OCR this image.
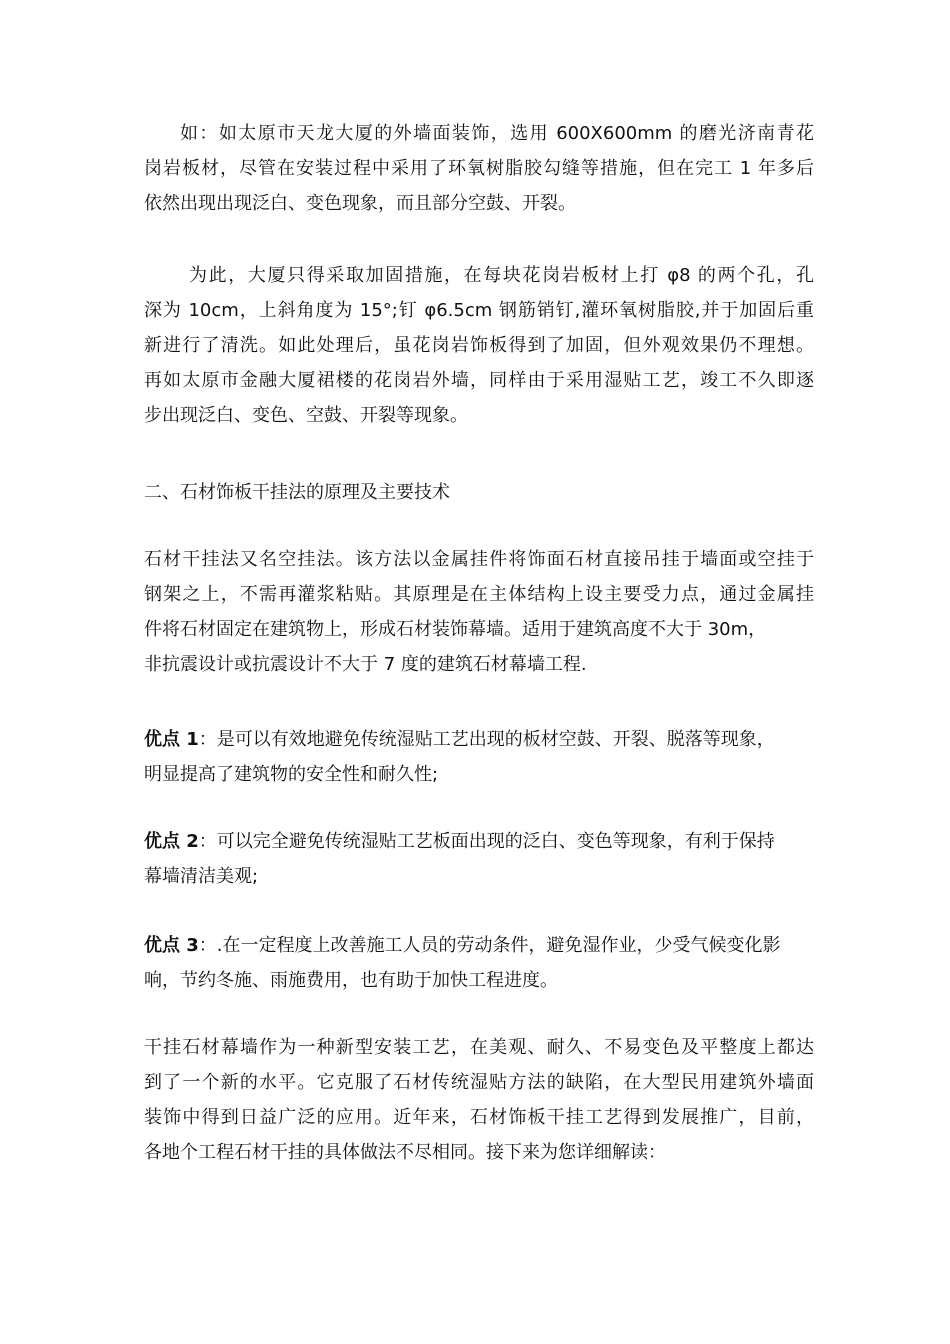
如：如太原市天龙大厦的外墙面装饰，选用 600X600mm 的磨光济南青花
岗岩板材，尽管在安装过程中采用了环氧树脂胶勾缝等措施，但在完工 1 年多后
依然出现出现泛白、变色现象，而且部分空鼓、开裂。
为此，大厦只得采取加固措施，在每块花岗岩板材上打 φ8 的两个孔，孔
深为 10cm，上斜角度为 15°;钉 φ6.5cm 钢筋销钉,灌环氧树脂胶,并于加固后重
新进行了清洗。如此处理后，虽花岗岩饰板得到了加固，但外观效果仍不理想。
再如太原市金融大厦裙楼的花岗岩外墙，同样由于采用湿贴工艺，竣工不久即逐
步出现泛白、变色、空鼓、开裂等现象。
二、石材饰板干挂法的原理及主要技术
石材干挂法又名空挂法。该方法以金属挂件将饰面石材直接吊挂于墙面或空挂于
钢架之上，不需再灌浆粘贴。其原理是在主体结构上设主要受力点，通过金属挂
件将石材固定在建筑物上，形成石材装饰幕墙。适用于建筑高度不大于 30m，
非抗震设计或抗震设计不大于 7 度的建筑石材幕墙工程.
优点 1：是可以有效地避免传统湿贴工艺出现的板材空鼓、开裂、脱落等现象，
明显提高了建筑物的安全性和耐久性;
优点 2：可以完全避免传统湿贴工艺板面出现的泛白、变色等现象，有利于保持
幕墙清洁美观;
优点 3：.在一定程度上改善施工人员的劳动条件，避免湿作业，少受气候变化影
响，节约冬施、雨施费用，也有助于加快工程进度。
干挂石材幕墙作为一种新型安装工艺，在美观、耐久、不易变色及平整度上都达
到了一个新的水平。它克服了石材传统湿贴方法的缺陷，在大型民用建筑外墙面
装饰中得到日益广泛的应用。近年来，石材饰板干挂工艺得到发展推广，目前，
各地个工程石材干挂的具体做法不尽相同。接下来为您详细解读：
